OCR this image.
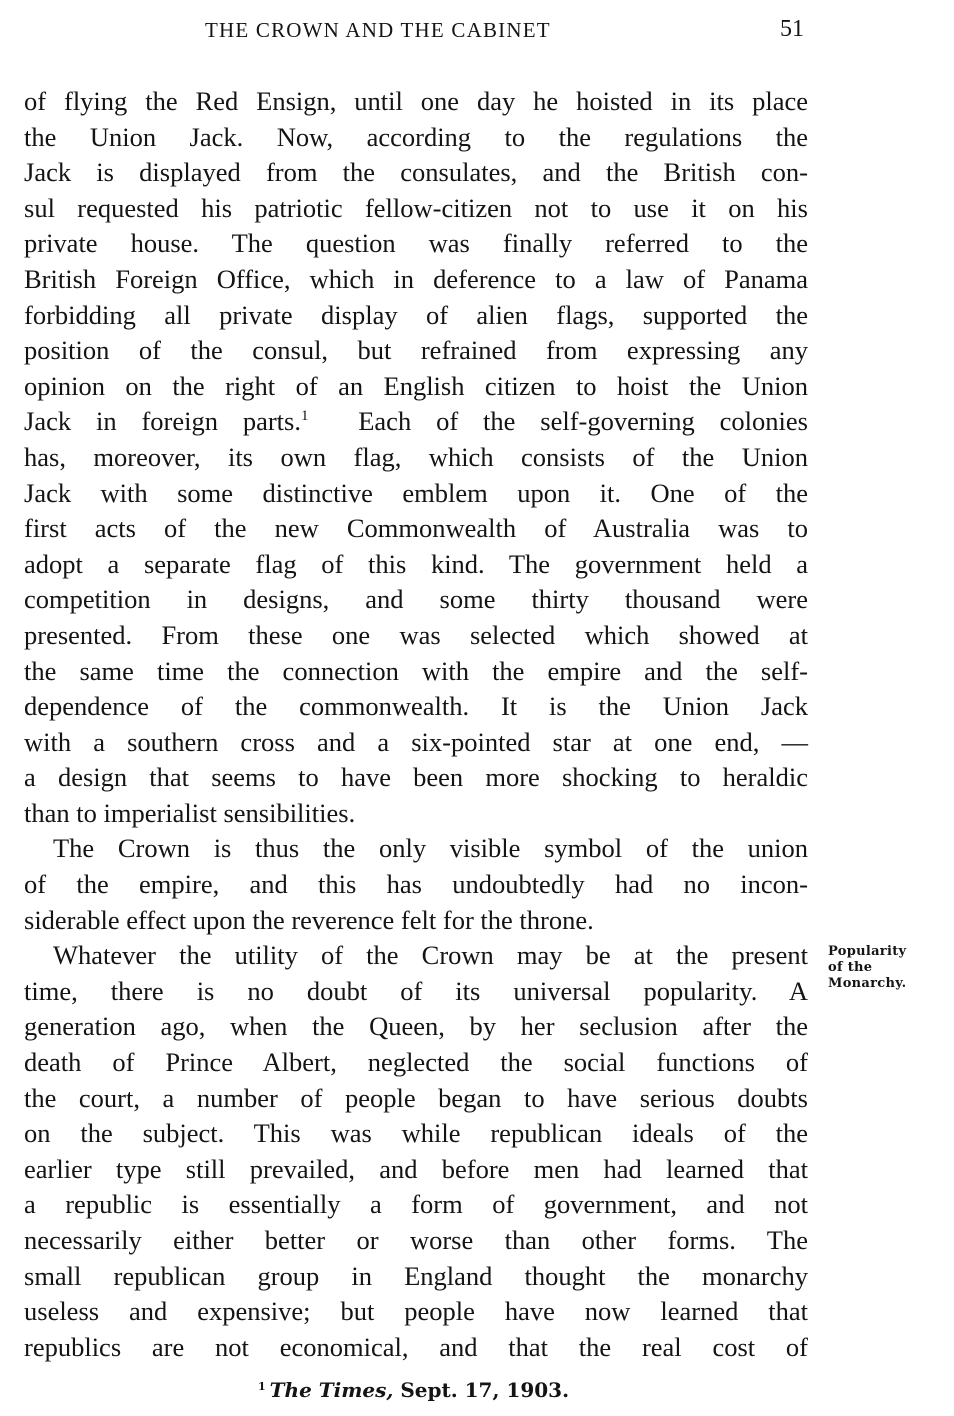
THE CROWN AND THE CABINET	51
of flying the Red Ensign, until one day he hoisted in its place
the Union Jack. Now, according to the regulations the
Jack is displayed from the consulates, and the British con-
sul requested his patriotic fellow-citizen not to use it on his
private house. The question was finally referred to the
British Foreign Office, which in deference to a law of Panama
forbidding all private display of alien flags, supported the
position of the consul, but refrained from expressing any
opinion on the right of an English citizen to hoist the Union
Jack in foreign parts.$^1$ Each of the self-governing colonies
has, moreover, its own flag, which consists of the Union
Jack with some distinctive emblem upon it. One of the
first acts of the new Commonwealth of Australia was to
adopt a separate flag of this kind. The government held a
competition in designs, and some thirty thousand were
presented. From these one was selected which showed at
the same time the connection with the empire and the self-
dependence of the commonwealth. It is the Union Jack
with a southern cross and a six-pointed star at one end, —
a design that seems to have been more shocking to heraldic
than to imperialist sensibilities.
The Crown is thus the only visible symbol of the union
of the empire, and this has undoubtedly had no incon-
siderable effect upon the reverence felt for the throne.
Whatever the utility of the Crown may be at the present
time, there is no doubt of its universal popularity. A
generation ago, when the Queen, by her seclusion after the
death of Prince Albert, neglected the social functions of
the court, a number of people began to have serious doubts
on the subject. This was while republican ideals of the
earlier type still prevailed, and before men had learned that
a republic is essentially a form of government, and not
necessarily either better or worse than other forms. The
small republican group in England thought the monarchy
useless and expensive; but people have now learned that
republics are not economical, and that the real cost of
Popularity
of the
Monarchy.
$^1$ The Times, Sept. 17, 1903.
